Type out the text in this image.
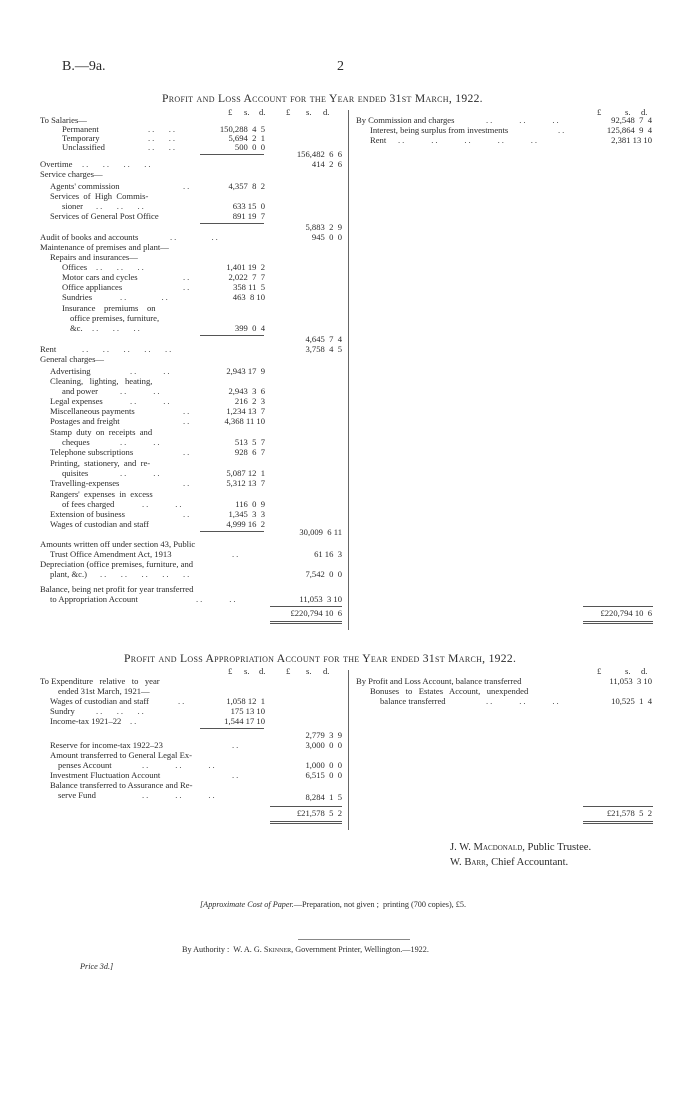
B.—9a.	2
Profit and Loss Account for the Year ended 31st March, 1922.
£ s. d. £ s. d.	£	s. d.
To Salaries—
Permanent	..   ..	150,288  4  5
Temporary	..   ..	5,694  2  1
Unclassified	..   ..	500  0  0
156,482  6  6
Overtime ..   ..   ..   ..	414  2  6
Service charges—
Agents' commission	..	4,357  8  2
Services  of  High  Commis-
sioner ..   ..   ..	633 15  0
Services of General Post Office	891 19  7
5,883  2  9
Audit of books and accounts	..        ..	945  0  0
Maintenance of premises and plant—
Repairs and insurances—
Offices ..   ..   ..	1,401 19  2
Motor cars and cycles	..	2,022  7  7
Office appliances	..	358 11  5
Sundries	..        ..	463  8 10
Insurance    premiums    on
office premises, furniture,
&c. ..   ..   ..	399  0  4
4,645  7  4
Rent	..   ..   ..   ..   ..	3,758  4  5
General charges—
Advertising	..      ..	2,943 17  9
Cleaning,   lighting,   heating,
and power	..      ..	2,943  3  6
Legal expenses	..      ..	216  2  3
Miscellaneous payments	..	1,234 13  7
Postages and freight	..	4,368 11 10
Stamp  duty  on  receipts  and
cheques	..      ..	513  5  7
Telephone subscriptions	..	928  6  7
Printing,  stationery,  and  re-
quisites	..      ..	5,087 12  1
Travelling-expenses	..	5,312 13  7
Rangers'  expenses  in  excess
of fees charged	..      ..	116  0  9
Extension of business	..	1,345  3  3
Wages of custodian and staff	4,999 16  2
30,009  6 11
Amounts written off under section 43, Public
Trust Office Amendment Act, 1913	..	61 16  3
Depreciation (office premises, furniture, and
plant, &c.) ..   ..   ..   ..   ..	7,542  0  0
Balance, being net profit for year transferred
to Appropriation Account	..      ..	11,053  3 10
£220,794 10  6
By Commission and charges	..      ..      ..	92,548  7  4
Interest, being surplus from investments	..	125,864  9  4
Rent ..      ..      ..      ..      ..	2,381 13 10
£220,794 10  6
Profit and Loss Appropriation Account for the Year ended 31st March, 1922.
£ s. d. £ s. d.	£	s. d.
To Expenditure   relative   to   year
ended 31st March, 1921—
Wages of custodian and staff	..	1,058 12  1
Sundry ..   ..   ..	175 13 10
Income-tax 1921–22 ..	1,544 17 10
2,779  3  9
Reserve for income-tax 1922–23	..	3,000  0  0
Amount transferred to General Legal Ex-
penses Account	..      ..      ..	1,000  0  0
Investment Fluctuation Account	..	6,515  0  0
Balance transferred to Assurance and Re-
serve Fund	..      ..      ..	8,284  1  5
£21,578  5  2
By Profit and Loss Account, balance transferred	11,053  3 10
Bonuses   to   Estates   Account,   unexpended
balance transferred	..      ..      ..	10,525  1  4
£21,578  5  2
J. W. Macdonald, Public Trustee.
W. Barr, Chief Accountant.
[Approximate Cost of Paper.—Preparation, not given ;  printing (700 copies), £5.
By Authority :  W. A. G. Skinner, Government Printer, Wellington.—1922.
Price 3d.]
